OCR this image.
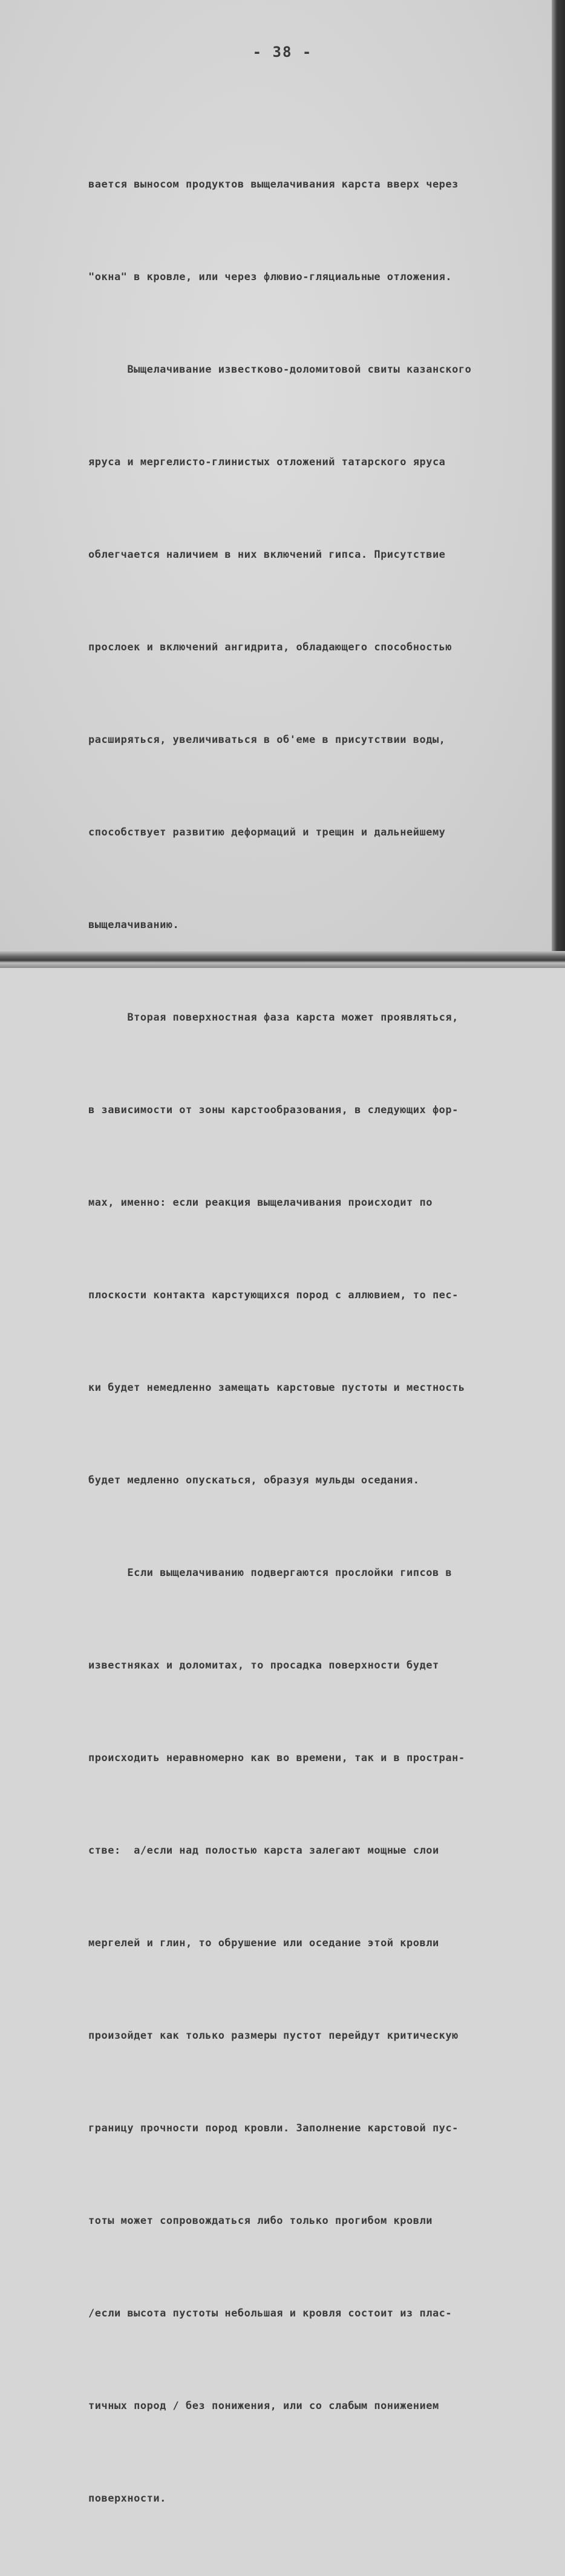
- 38 -

вается выносом продуктов выщелачивания карста вверх через

"окна" в кровле, или через флювио-гляциальные отложения.

Выщелачивание известково-доломитовой свиты казанского

яруса и мергелисто-глинистых отложений татарского яруса

облегчается наличием в них включений гипса. Присутствие

прослоек и включений ангидрита, обладающего способностью

расширяться, увеличиваться в об'еме в присутствии воды,

способствует развитию деформаций и трещин и дальнейшему

выщелачиванию.

Вторая поверхностная фаза карста может проявляться,

в зависимости от зоны карстообразования, в следующих фор-

мах, именно: если реакция выщелачивания происходит по

плоскости контакта карстующихся пород с аллювием, то пес-

ки будет немедленно замещать карстовые пустоты и местность

будет медленно опускаться, образуя мульды оседания.

Если выщелачиванию подвергаются прослойки гипсов в

известняках и доломитах, то просадка поверхности будет

происходить неравномерно как во времени, так и в простран-

стве:  а/если над полостью карста залегают мощные слои

мергелей и глин, то обрушение или оседание этой кровли

произойдет как только размеры пустот перейдут критическую

границу прочности пород кровли. Заполнение карстовой пус-

тоты может сопровождаться либо только прогибом кровли

/если высота пустоты небольшая и кровля состоит из плас-

тичных пород / без понижения, или со слабым понижением

поверхности.
